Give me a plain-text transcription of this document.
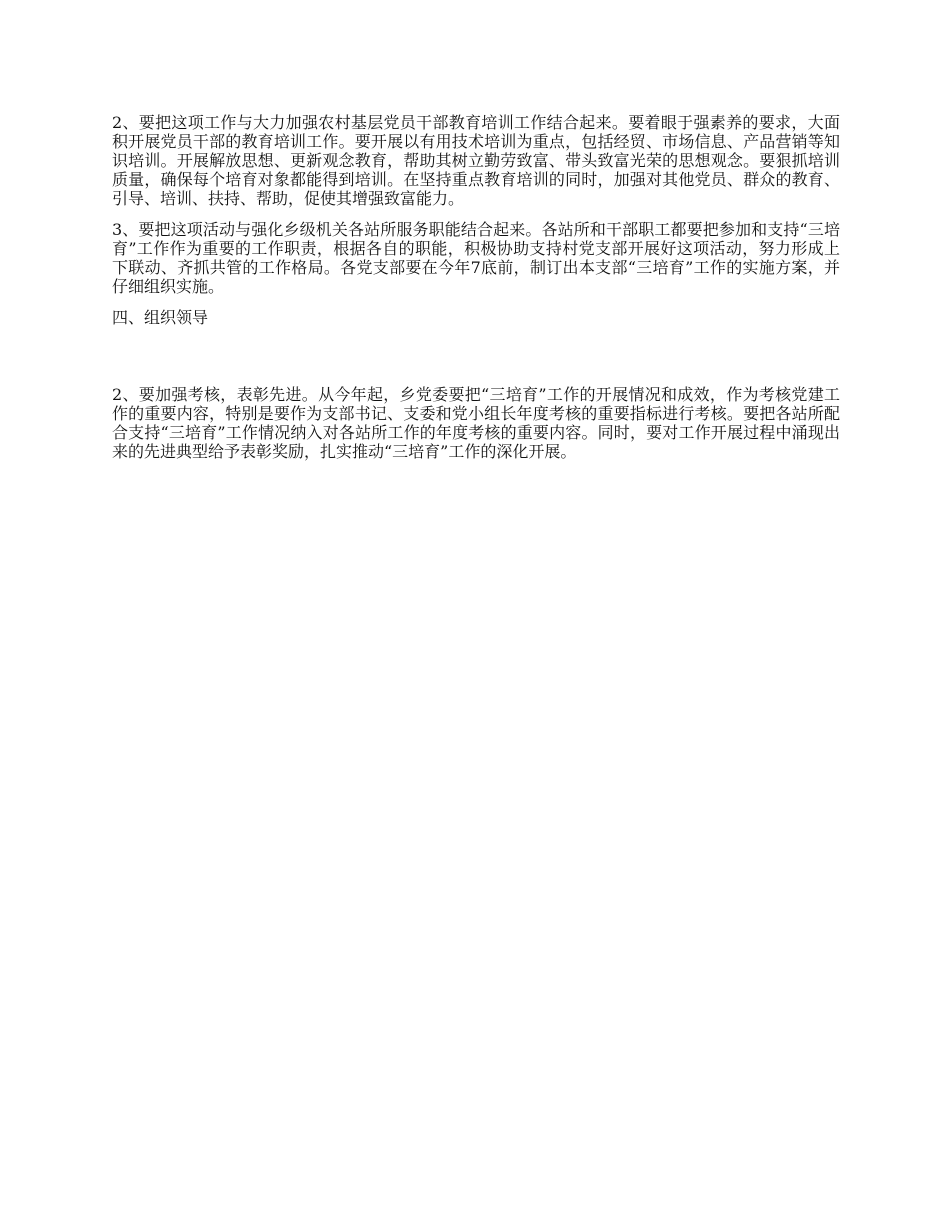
2、要把这项工作与大力加强农村基层党员干部教育培训工作结合起来。要着眼于强素养的要求，大面积开展党员干部的教育培训工作。要开展以有用技术培训为重点，包括经贸、市场信息、产品营销等知识培训。开展解放思想、更新观念教育，帮助其树立勤劳致富、带头致富光荣的思想观念。要狠抓培训质量，确保每个培育对象都能得到培训。在坚持重点教育培训的同时，加强对其他党员、群众的教育、引导、培训、扶持、帮助，促使其增强致富能力。

3、要把这项活动与强化乡级机关各站所服务职能结合起来。各站所和干部职工都要把参加和支持“三培育”工作作为重要的工作职责，根据各自的职能，积极协助支持村党支部开展好这项活动，努力形成上下联动、齐抓共管的工作格局。各党支部要在今年7底前，制订出本支部“三培育”工作的实施方案，并仔细组织实施。

四、组织领导

2、要加强考核，表彰先进。从今年起，乡党委要把“三培育”工作的开展情况和成效，作为考核党建工作的重要内容，特别是要作为支部书记、支委和党小组长年度考核的重要指标进行考核。要把各站所配合支持“三培育”工作情况纳入对各站所工作的年度考核的重要内容。同时，要对工作开展过程中涌现出来的先进典型给予表彰奖励，扎实推动“三培育”工作的深化开展。
